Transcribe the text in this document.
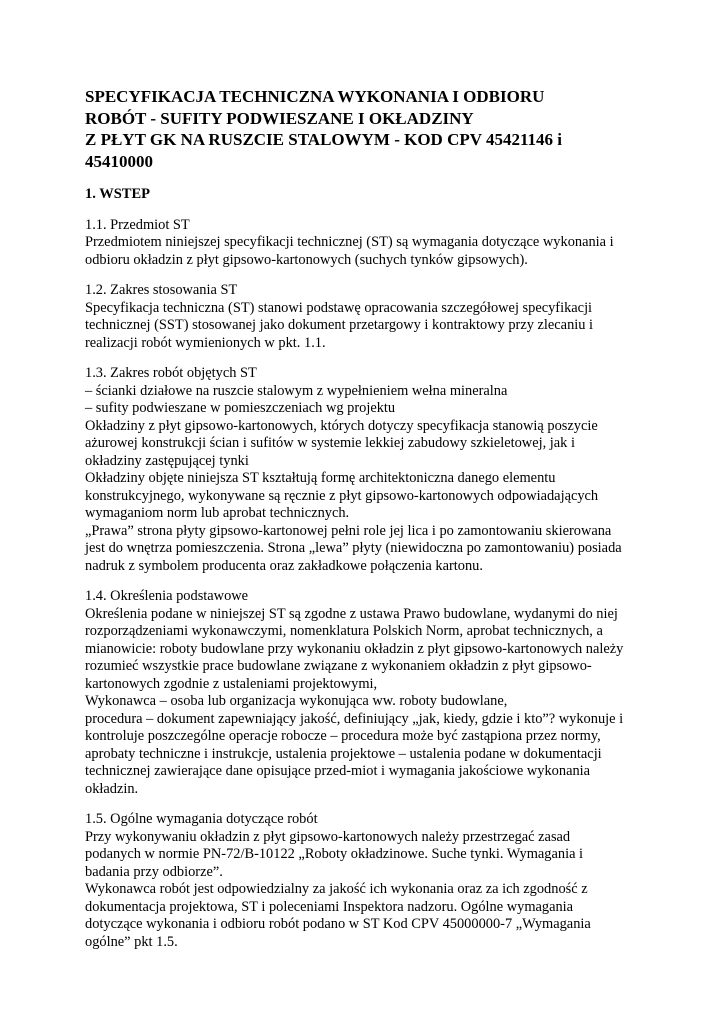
SPECYFIKACJA TECHNICZNA WYKONANIA I ODBIORU
ROBÓT - SUFITY PODWIESZANE I OKŁADZINY
Z PŁYT GK NA RUSZCIE STALOWYM - KOD CPV 45421146 i
45410000
1. WSTEP
1.1. Przedmiot ST
Przedmiotem niniejszej specyfikacji technicznej (ST) są wymagania dotyczące wykonania i
odbioru okładzin z płyt gipsowo-kartonowych (suchych tynków gipsowych).
1.2. Zakres stosowania ST
Specyfikacja techniczna (ST) stanowi podstawę opracowania szczegółowej specyfikacji
technicznej (SST) stosowanej jako dokument przetargowy i kontraktowy przy zlecaniu i
realizacji robót wymienionych w pkt. 1.1.
1.3. Zakres robót objętych ST
– ścianki działowe na ruszcie stalowym z wypełnieniem wełna mineralna
– sufity podwieszane w pomieszczeniach wg projektu
Okładziny z płyt gipsowo-kartonowych, których dotyczy specyfikacja stanowią poszycie
ażurowej konstrukcji ścian i sufitów w systemie lekkiej zabudowy szkieletowej, jak i
okładziny zastępującej tynki
Okładziny objęte niniejsza ST kształtują formę architektoniczna danego elementu
konstrukcyjnego, wykonywane są ręcznie z płyt gipsowo-kartonowych odpowiadających
wymaganiom norm lub aprobat technicznych.
„Prawa” strona płyty gipsowo-kartonowej pełni role jej lica i po zamontowaniu skierowana
jest do wnętrza pomieszczenia. Strona „lewa” płyty (niewidoczna po zamontowaniu) posiada
nadruk z symbolem producenta oraz zakładkowe połączenia kartonu.
1.4. Określenia podstawowe
Określenia podane w niniejszej ST są zgodne z ustawa Prawo budowlane, wydanymi do niej
rozporządzeniami wykonawczymi, nomenklatura Polskich Norm, aprobat technicznych, a
mianowicie: roboty budowlane przy wykonaniu okładzin z płyt gipsowo-kartonowych należy
rozumieć wszystkie prace budowlane związane z wykonaniem okładzin z płyt gipsowo-
kartonowych zgodnie z ustaleniami projektowymi,
Wykonawca – osoba lub organizacja wykonująca ww. roboty budowlane,
procedura – dokument zapewniający jakość, definiujący „jak, kiedy, gdzie i kto”? wykonuje i
kontroluje poszczególne operacje robocze – procedura może być zastąpiona przez normy,
aprobaty techniczne i instrukcje, ustalenia projektowe – ustalenia podane w dokumentacji
technicznej zawierające dane opisujące przed-miot i wymagania jakościowe wykonania
okładzin.
1.5. Ogólne wymagania dotyczące robót
Przy wykonywaniu okładzin z płyt gipsowo-kartonowych należy przestrzegać zasad
podanych w normie PN-72/B-10122 „Roboty okładzinowe. Suche tynki. Wymagania i
badania przy odbiorze”.
Wykonawca robót jest odpowiedzialny za jakość ich wykonania oraz za ich zgodność z
dokumentacja projektowa, ST i poleceniami Inspektora nadzoru. Ogólne wymagania
dotyczące wykonania i odbioru robót podano w ST Kod CPV 45000000-7 „Wymagania
ogólne” pkt 1.5.
